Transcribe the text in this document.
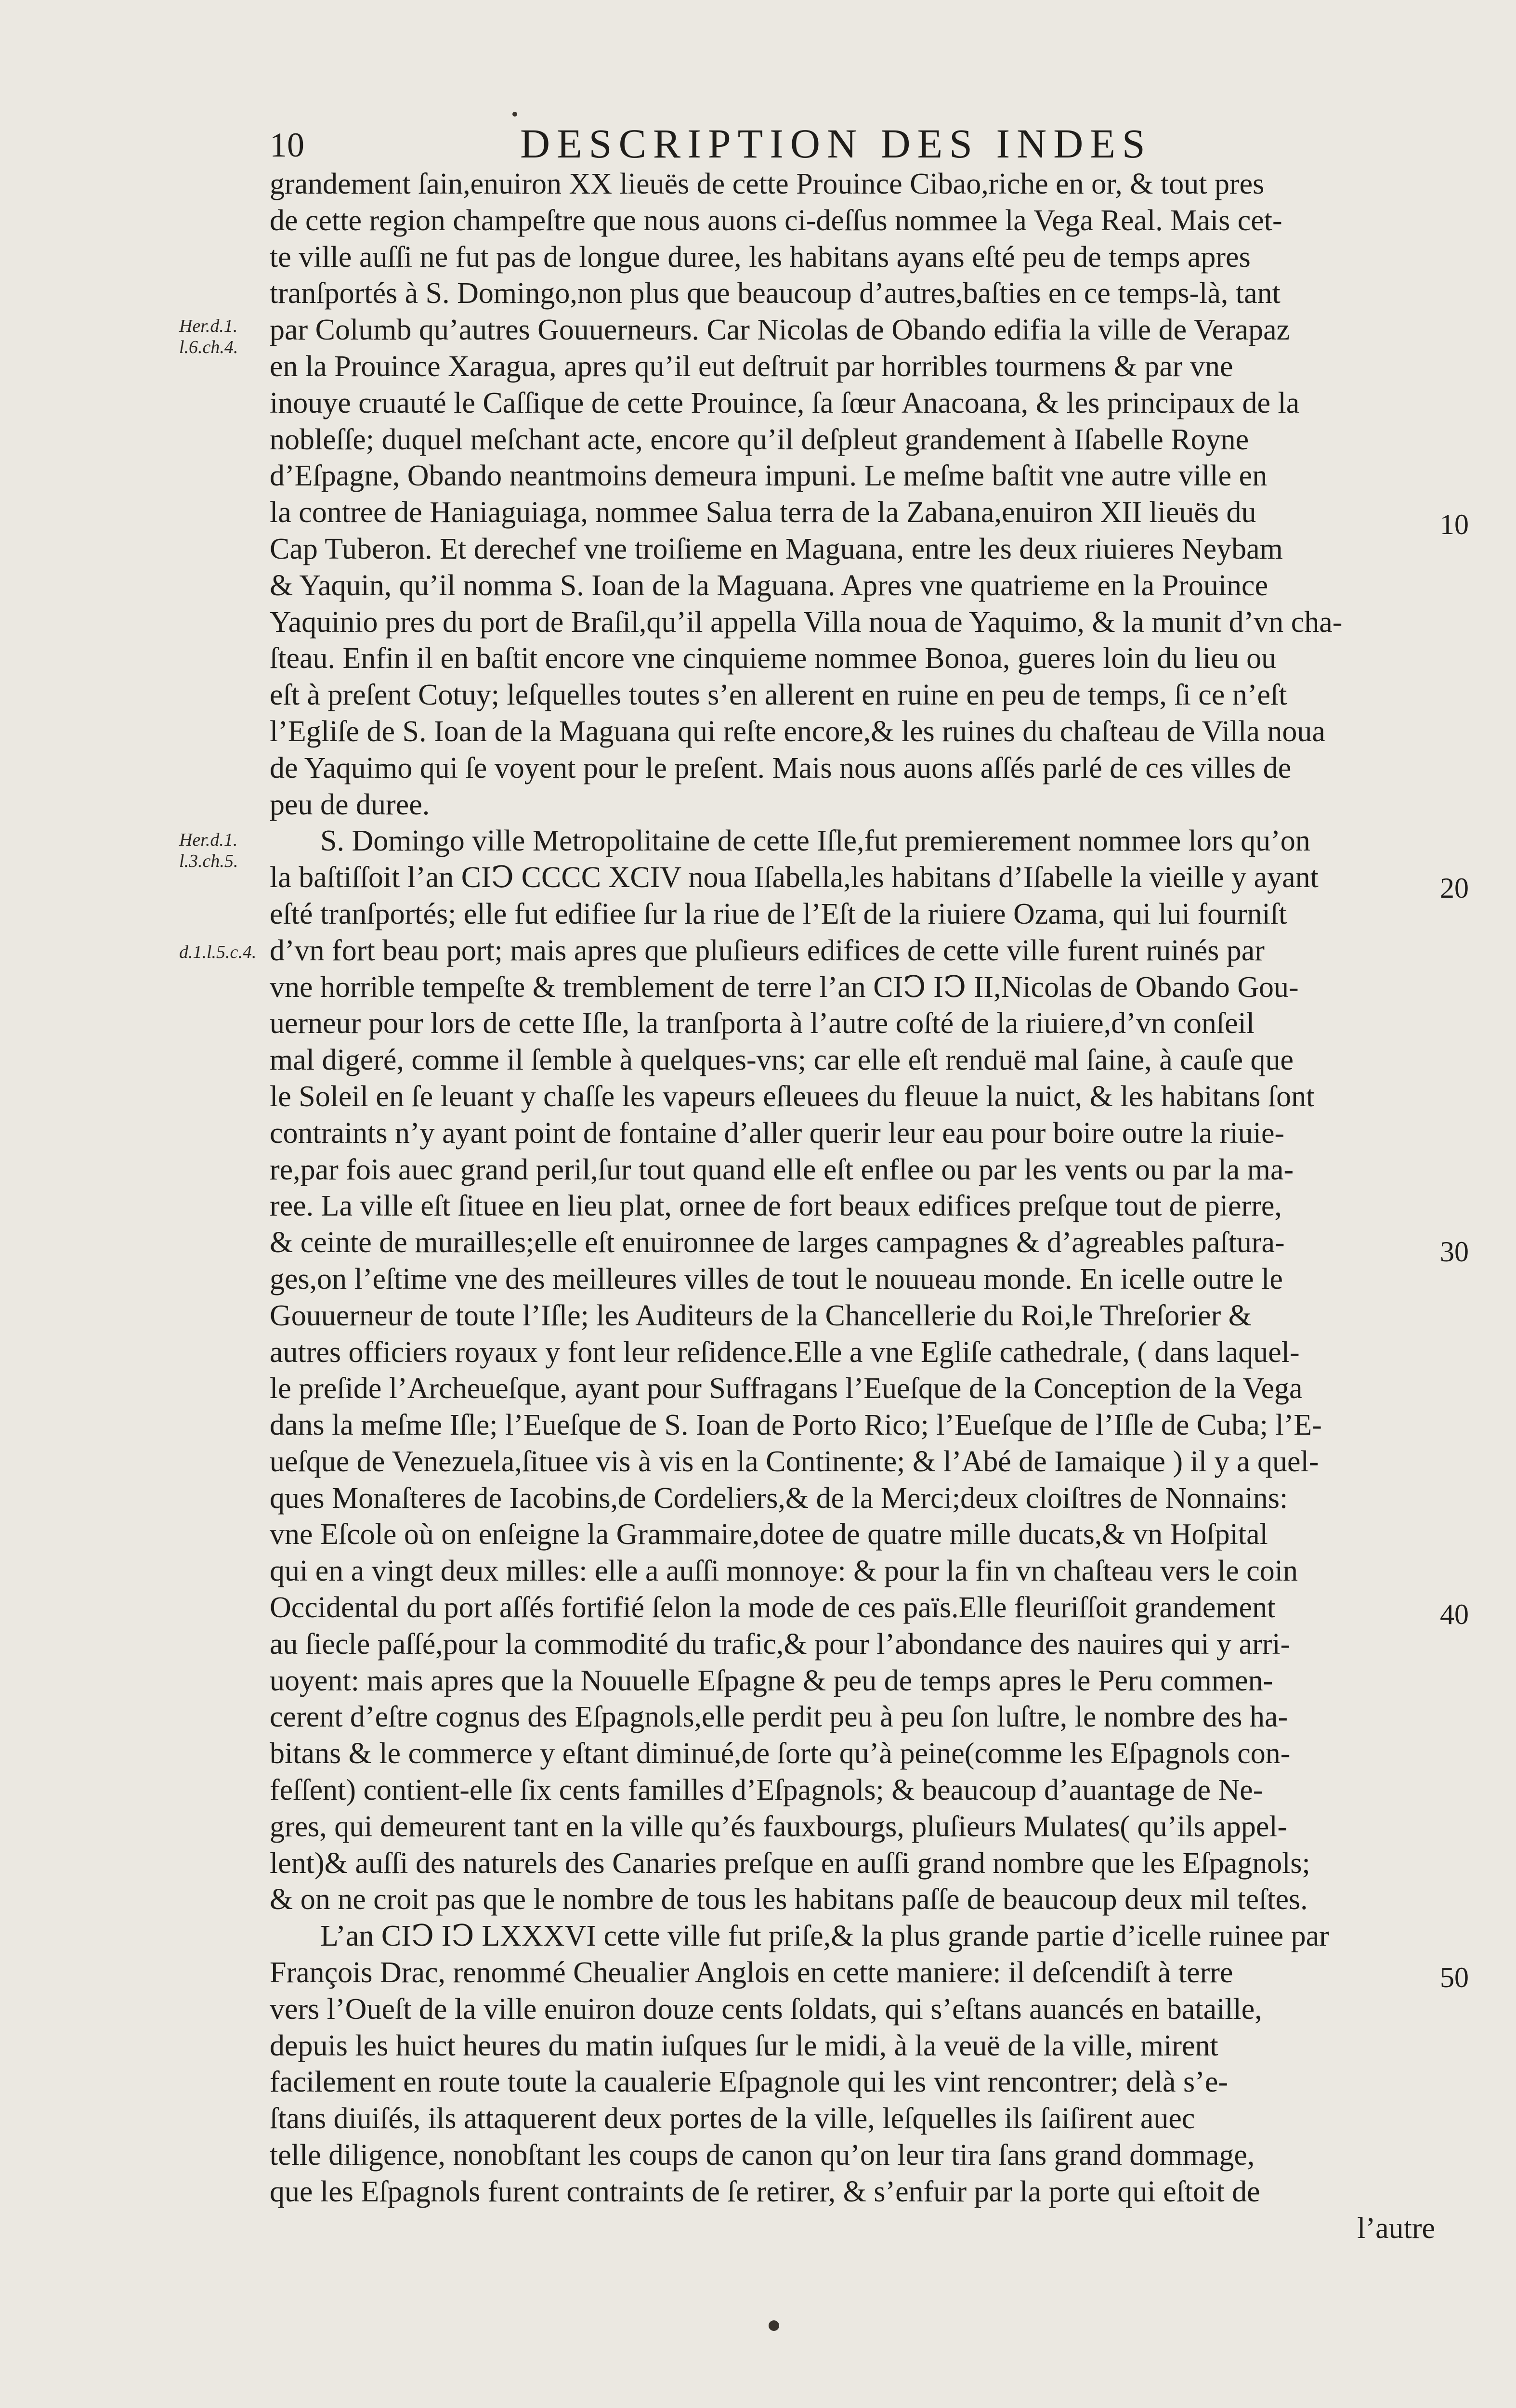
10	DESCRIPTION DES INDES
Her.d.1.
l.6.ch.4.
Her.d.1.
l.3.ch.5.
d.1.l.5.c.4.
10
20
30
40
50
grandement ſain,enuiron XX lieuës de cette Prouince Cibao,riche en or, & tout pres
de cette region champeſtre que nous auons ci-deſſus nommee la Vega Real. Mais cet-
te ville auſſi ne fut pas de longue duree, les habitans ayans eſté peu de temps apres
tranſportés à S. Domingo,non plus que beaucoup d’autres,baſties en ce temps-là, tant
par Columb qu’autres Gouuerneurs. Car Nicolas de Obando edifia la ville de Verapaz
en la Prouince Xaragua, apres qu’il eut deſtruit par horribles tourmens & par vne
inouye cruauté le Caſſique de cette Prouince, ſa ſœur Anacoana, & les principaux de la
nobleſſe; duquel meſchant acte, encore qu’il deſpleut grandement à Iſabelle Royne
d’Eſpagne, Obando neantmoins demeura impuni. Le meſme baſtit vne autre ville en
la contree de Haniaguiaga, nommee Salua terra de la Zabana,enuiron XII lieuës du
Cap Tuberon. Et derechef vne troiſieme en Maguana, entre les deux riuieres Neybam
& Yaquin, qu’il nomma S. Ioan de la Maguana. Apres vne quatrieme en la Prouince
Yaquinio pres du port de Braſil,qu’il appella Villa noua de Yaquimo, & la munit d’vn cha-
ſteau. Enfin il en baſtit encore vne cinquieme nommee Bonoa, gueres loin du lieu ou
eſt à preſent Cotuy; leſquelles toutes s’en allerent en ruine en peu de temps, ſi ce n’eſt
l’Egliſe de S. Ioan de la Maguana qui reſte encore,& les ruines du chaſteau de Villa noua
de Yaquimo qui ſe voyent pour le preſent. Mais nous auons aſſés parlé de ces villes de
peu de duree.
S. Domingo ville Metropolitaine de cette Iſle,fut premierement nommee lors qu’on
la baſtiſſoit l’an CIↃ CCCC XCIV noua Iſabella,les habitans d’Iſabelle la vieille y ayant
eſté tranſportés; elle fut edifiee ſur la riue de l’Eſt de la riuiere Ozama, qui lui fourniſt
d’vn fort beau port; mais apres que pluſieurs edifices de cette ville furent ruinés par
vne horrible tempeſte & tremblement de terre l’an CIↃ IↃ II,Nicolas de Obando Gou-
uerneur pour lors de cette Iſle, la tranſporta à l’autre coſté de la riuiere,d’vn conſeil
mal digeré, comme il ſemble à quelques-vns; car elle eſt renduë mal ſaine, à cauſe que
le Soleil en ſe leuant y chaſſe les vapeurs eſleuees du fleuue la nuict, & les habitans ſont
contraints n’y ayant point de fontaine d’aller querir leur eau pour boire outre la riuie-
re,par fois auec grand peril,ſur tout quand elle eſt enflee ou par les vents ou par la ma-
ree. La ville eſt ſituee en lieu plat, ornee de fort beaux edifices preſque tout de pierre,
& ceinte de murailles;elle eſt enuironnee de larges campagnes & d’agreables paſtura-
ges,on l’eſtime vne des meilleures villes de tout le nouueau monde. En icelle outre le
Gouuerneur de toute l’Iſle; les Auditeurs de la Chancellerie du Roi,le Threſorier &
autres officiers royaux y font leur reſidence.Elle a vne Egliſe cathedrale, ( dans laquel-
le preſide l’Archeueſque, ayant pour Suffragans l’Eueſque de la Conception de la Vega
dans la meſme Iſle; l’Eueſque de S. Ioan de Porto Rico; l’Eueſque de l’Iſle de Cuba; l’E-
ueſque de Venezuela,ſituee vis à vis en la Continente; & l’Abé de Iamaique ) il y a quel-
ques Monaſteres de Iacobins,de Cordeliers,& de la Merci;deux cloiſtres de Nonnains:
vne Eſcole où on enſeigne la Grammaire,dotee de quatre mille ducats,& vn Hoſpital
qui en a vingt deux milles: elle a auſſi monnoye: & pour la fin vn chaſteau vers le coin
Occidental du port aſſés fortifié ſelon la mode de ces païs.Elle fleuriſſoit grandement
au ſiecle paſſé,pour la commodité du trafic,& pour l’abondance des nauires qui y arri-
uoyent: mais apres que la Nouuelle Eſpagne & peu de temps apres le Peru commen-
cerent d’eſtre cognus des Eſpagnols,elle perdit peu à peu ſon luſtre, le nombre des ha-
bitans & le commerce y eſtant diminué,de ſorte qu’à peine(comme les Eſpagnols con-
feſſent) contient-elle ſix cents familles d’Eſpagnols; & beaucoup d’auantage de Ne-
gres, qui demeurent tant en la ville qu’és fauxbourgs, pluſieurs Mulates( qu’ils appel-
lent)& auſſi des naturels des Canaries preſque en auſſi grand nombre que les Eſpagnols;
& on ne croit pas que le nombre de tous les habitans paſſe de beaucoup deux mil teſtes.
L’an CIↃ IↃ LXXXVI cette ville fut priſe,& la plus grande partie d’icelle ruinee par
François Drac, renommé Cheualier Anglois en cette maniere: il deſcendiſt à terre
vers l’Oueſt de la ville enuiron douze cents ſoldats, qui s’eſtans auancés en bataille,
depuis les huict heures du matin iuſques ſur le midi, à la veuë de la ville, mirent
facilement en route toute la caualerie Eſpagnole qui les vint rencontrer; delà s’e-
ſtans diuiſés, ils attaquerent deux portes de la ville, leſquelles ils ſaiſirent auec
telle diligence, nonobſtant les coups de canon qu’on leur tira ſans grand dommage,
que les Eſpagnols furent contraints de ſe retirer, & s’enfuir par la porte qui eſtoit de
l’autre
